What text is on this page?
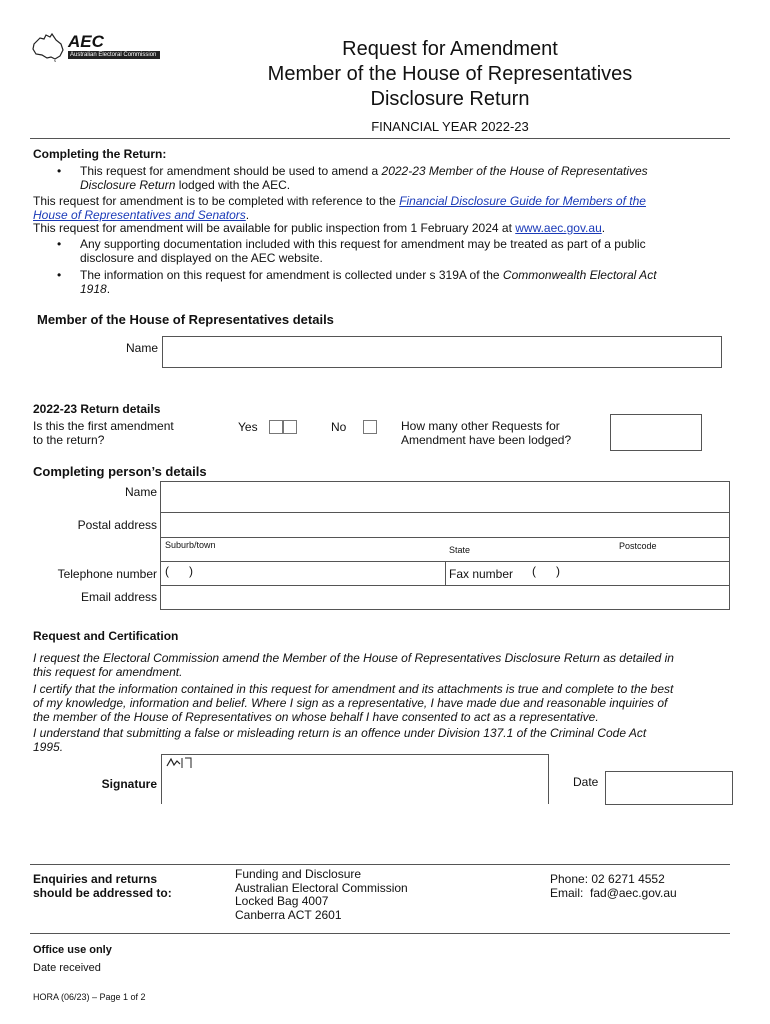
AEC
Australian Electoral Commission	Request for Amendment
Member of the House of Representatives
Disclosure Return
FINANCIAL YEAR 2022-23
Completing the Return:
• This request for amendment should be used to amend a 2022-23 Member of the House of Representatives
Disclosure Return lodged with the AEC.
This request for amendment is to be completed with reference to the Financial Disclosure Guide for Members of the
House of Representatives and Senators.
This request for amendment will be available for public inspection from 1 February 2024 at www.aec.gov.au.
• Any supporting documentation included with this request for amendment may be treated as part of a public
disclosure and displayed on the AEC website.
• The information on this request for amendment is collected under s 319A of the Commonwealth Electoral Act
1918.
Member of the House of Representatives details
Name
2022-23 Return details
Is this the first amendment
to the return?
Yes	No	How many other Requests for
Amendment have been lodged?
Completing person’s details
Name
Postal address
Suburb/town	State	Postcode
Telephone number (      )	Fax number (      )
Email address
Request and Certification
I request the Electoral Commission amend the Member of the House of Representatives Disclosure Return as detailed in
this request for amendment.
I certify that the information contained in this request for amendment and its attachments is true and complete to the best
of my knowledge, information and belief. Where I sign as a representative, I have made due and reasonable inquiries of
the member of the House of Representatives on whose behalf I have consented to act as a representative.
I understand that submitting a false or misleading return is an offence under Division 137.1 of the Criminal Code Act
1995.
Signature	Date
Enquiries and returns
should be addressed to:
Funding and Disclosure
Australian Electoral Commission
Locked Bag 4007
Canberra ACT 2601
Phone: 02 6271 4552
Email:  fad@aec.gov.au
Office use only
Date received
HORA (06/23) – Page 1 of 2
